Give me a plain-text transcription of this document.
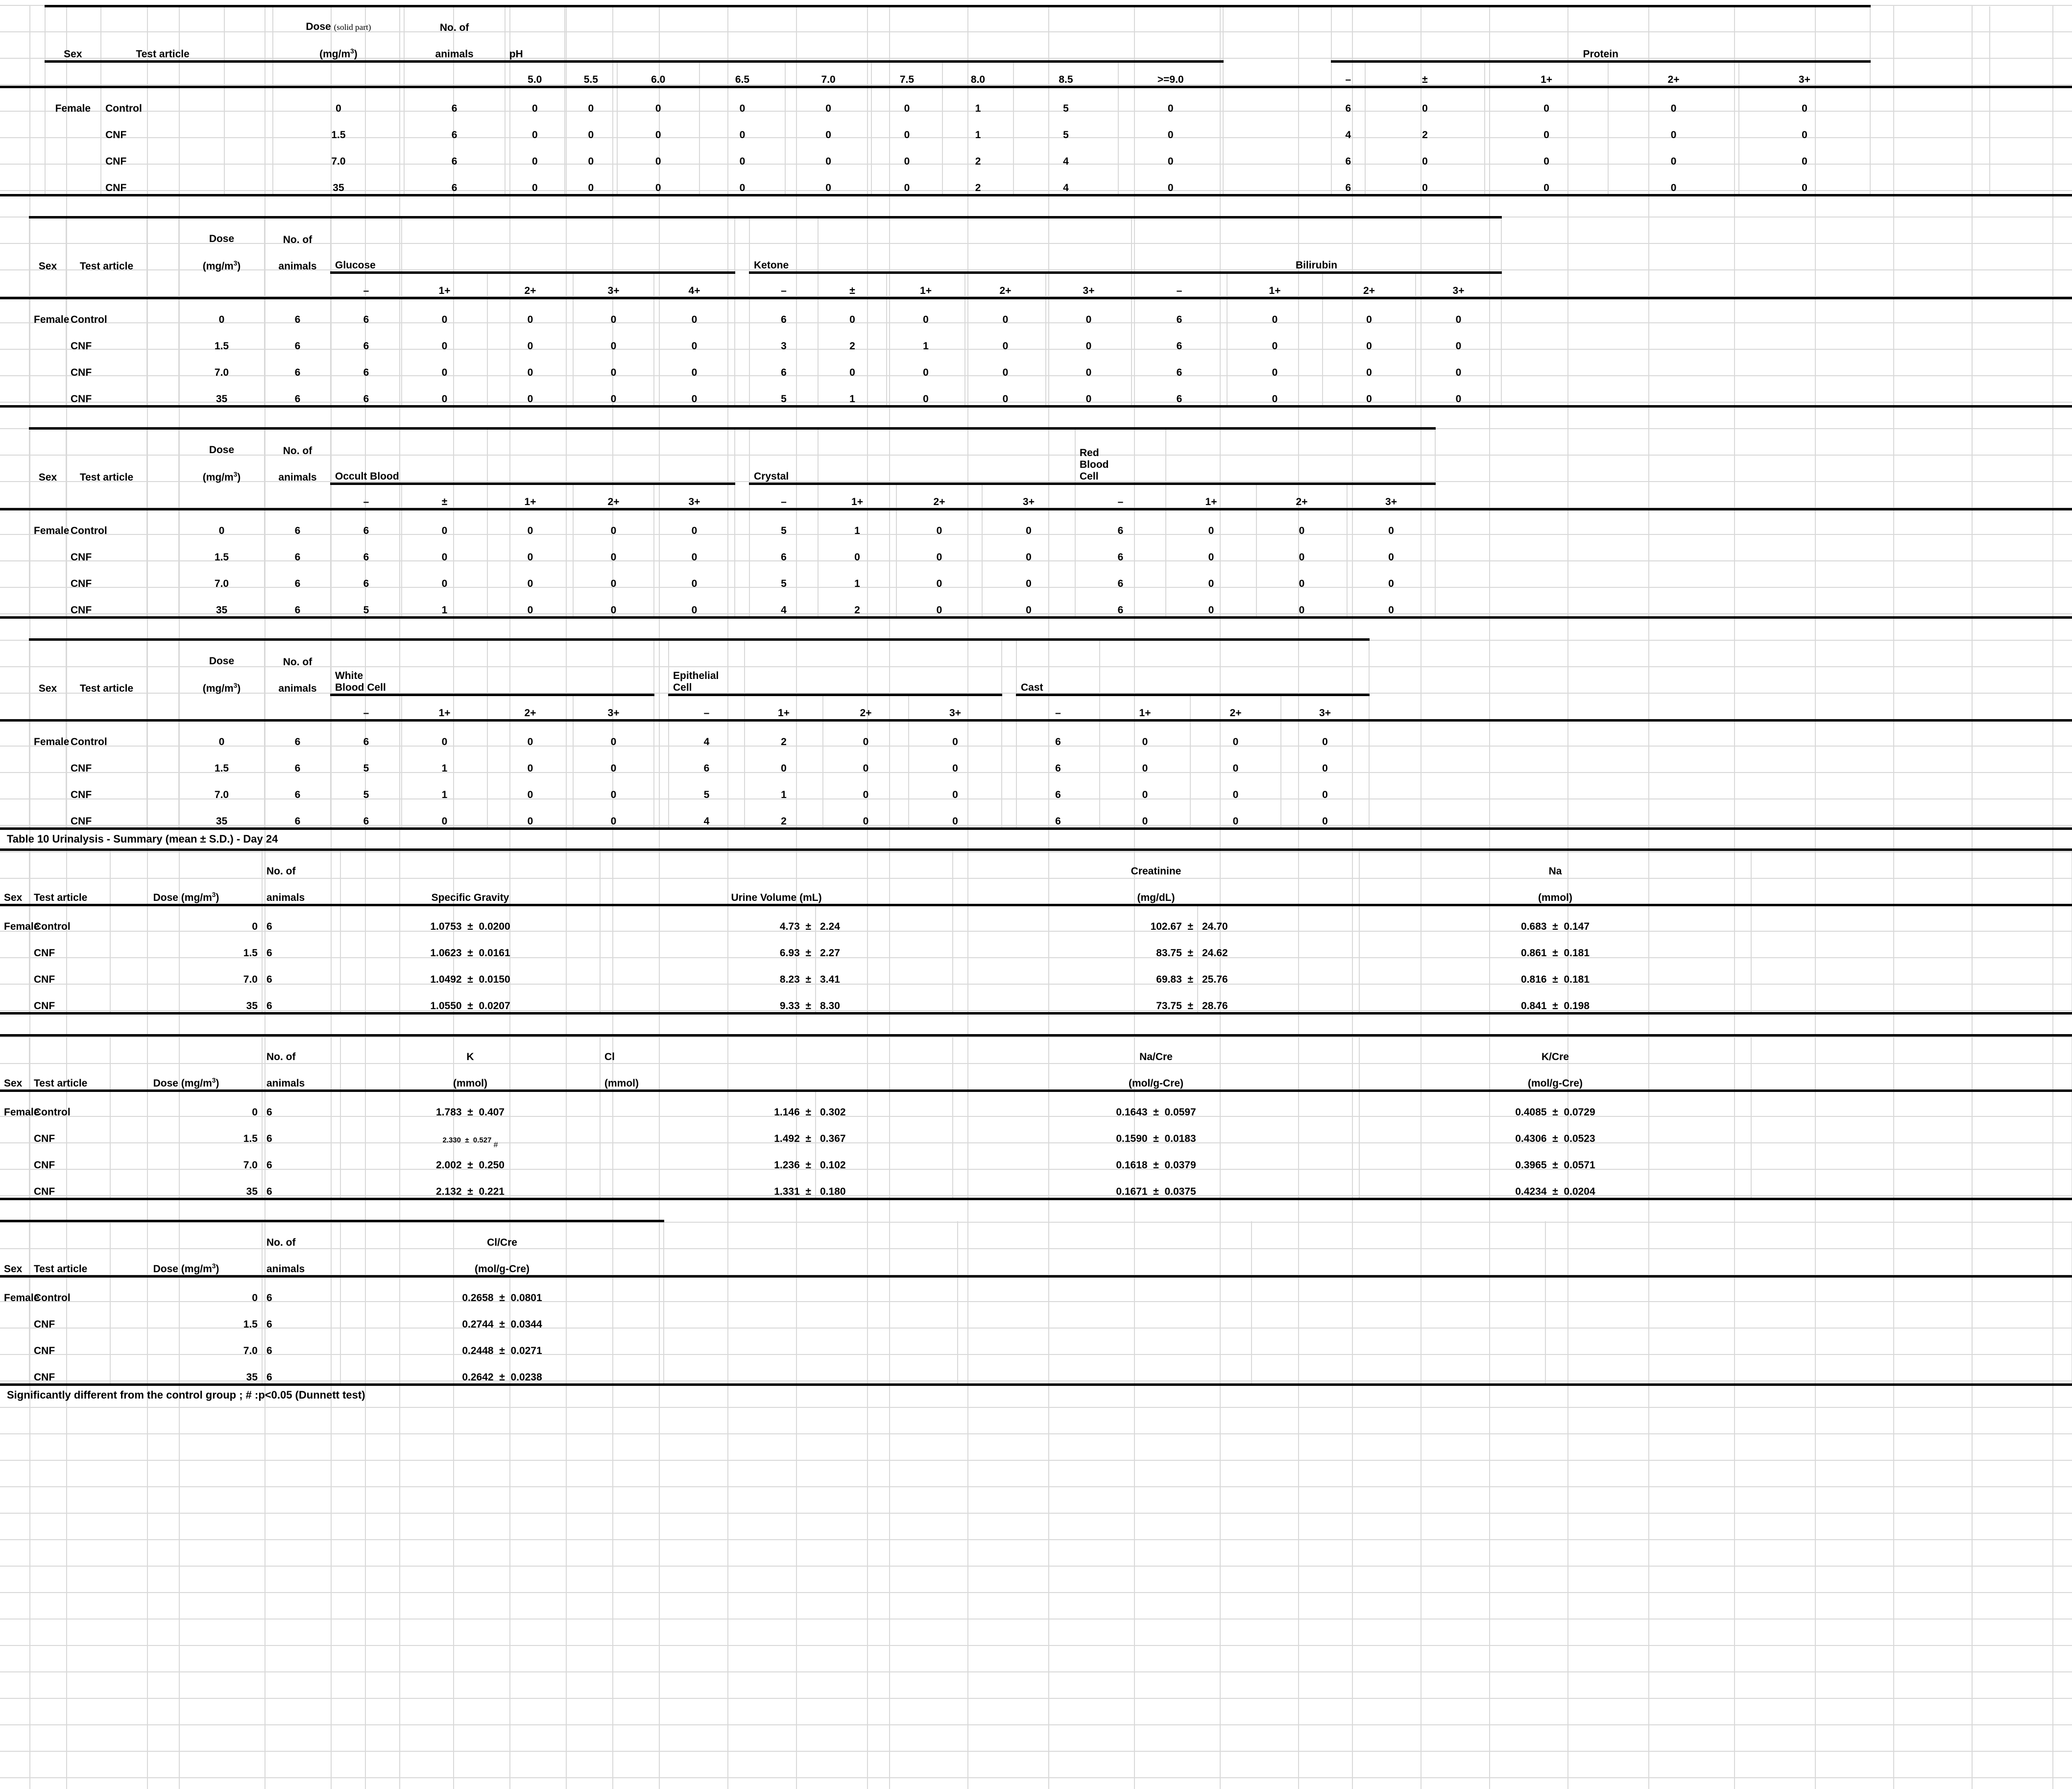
	Sex	Test article		Dose (solid part)
$(mg/m^3)$	No. of
animals	pH										Protein					
						5.0	5.5	6.0	6.5	7.0	7.5	8.0	8.5	>=9.0		–	±	1+	2+	3+	
	Female	Control		0	6	0	0	0	0	0	0	1	5	0		6	0	0	0	0	
		CNF		1.5	6	0	0	0	0	0	0	1	5	0		4	2	0	0	0	
		CNF		7.0	6	0	0	0	0	0	0	2	4	0		6	0	0	0	0	
		CNF		35	6	0	0	0	0	0	0	2	4	0		6	0	0	0	0	
	Sex	Test article		Dose
$(mg/m^3)$	No. of
animals	Glucose						Ketone					Bilirubin				
						–	1+	2+	3+	4+		–	±	1+	2+	3+	–	1+	2+	3+	
	Female	Control		0	6	6	0	0	0	0		6	0	0	0	0	6	0	0	0	
		CNF		1.5	6	6	0	0	0	0		3	2	1	0	0	6	0	0	0	
		CNF		7.0	6	6	0	0	0	0		6	0	0	0	0	6	0	0	0	
		CNF		35	6	6	0	0	0	0		5	1	0	0	0	6	0	0	0	
	Sex	Test article		Dose
$(mg/m^3)$
	No. of
animals	Occult Blood			Crystal		Red
Blood
Cell

						–	±	1+	2+	3+		–	1+	2+	3+	–	1+	2+	3+	
	Female	Control		0	6	6	0	0	0	0		5	1	0	0	6	0	0	0	
		CNF		1.5	6	6	0	0	0	0		6	0	0	0	6	0	0	0	
		CNF		7.0	6	6	0	0	0	0		5	1	0	0	6	0	0	0	
		CNF		35	6	5	1	0	0	0		4	2	0	0	6	0	0	0	
	Sex	Test article		Dose
$(mg/m^3)$	No. of
animals	White
Blood Cell					Epithelial
Cell					Cast				
						–	1+	2+	3+		–	1+	2+	3+		–	1+	2+	3+	
	Female	Control		0	6	6	0	0	0		4	2	0	0		6	0	0	0	
		CNF		1.5	6	5	1	0	0		6	0	0	0		6	0	0	0	
		CNF		7.0	6	5	1	0	0		5	1	0	0		6	0	0	0	
		CNF		35	6	6	0	0	0		4	2	0	0		6	0	0	0	
Table 10 Urinalysis - Summary (mean ± S.D.) - Day 24
Sex	Test article	Dose $(mg/m^3)$	No. of
animals	Specific Gravity	Urine Volume (mL)		Creatinine
(mg/dL)		Na
(mmol)	

Female	Control	0	6	1.0753  ±  0.0200	4.73  ±	2.24	102.67  ±	24.70	0.683  ±  0.147	
	CNF	1.5	6	1.0623  ±  0.0161	6.93  ±	2.27	83.75  ±	24.62	0.861  ±  0.181	
	CNF	7.0	6	1.0492  ±  0.0150	8.23  ±	3.41	69.83  ±	25.76	0.816  ±  0.181	
	CNF	35	6	1.0550  ±  0.0207	9.33  ±	8.30	73.75  ±	28.76	0.841  ±  0.198	
Sex	Test article	Dose $(mg/m^3)$	No. of
animals	K
(mmol)	Cl
(mmol)		Na/Cre
(mol/g-Cre)	K/Cre
(mol/g-Cre)	

Female	Control	0	6	1.783  ±  0.407	1.146  ±	0.302	0.1643  ±  0.0597	0.4085  ±  0.0729	
	CNF	1.5	6	2.330  ±  0.527 #	1.492  ±	0.367	0.1590  ±  0.0183	0.4306  ±  0.0523	
	CNF	7.0	6	2.002  ±  0.250	1.236  ±	0.102	0.1618  ±  0.0379	0.3965  ±  0.0571	
	CNF	35	6	2.132  ±  0.221	1.331  ±	0.180	0.1671  ±  0.0375	0.4234  ±  0.0204	
Sex	Test article	Dose $(mg/m^3)$	No. of
animals	Cl/Cre
(mol/g-Cre)				

Female	Control	0	6	0.2658  ±  0.0801				
	CNF	1.5	6	0.2744  ±  0.0344				
	CNF	7.0	6	0.2448  ±  0.0271				
	CNF	35	6	0.2642  ±  0.0238				
Significantly different from the control group ; # :p<0.05 (Dunnett test)
